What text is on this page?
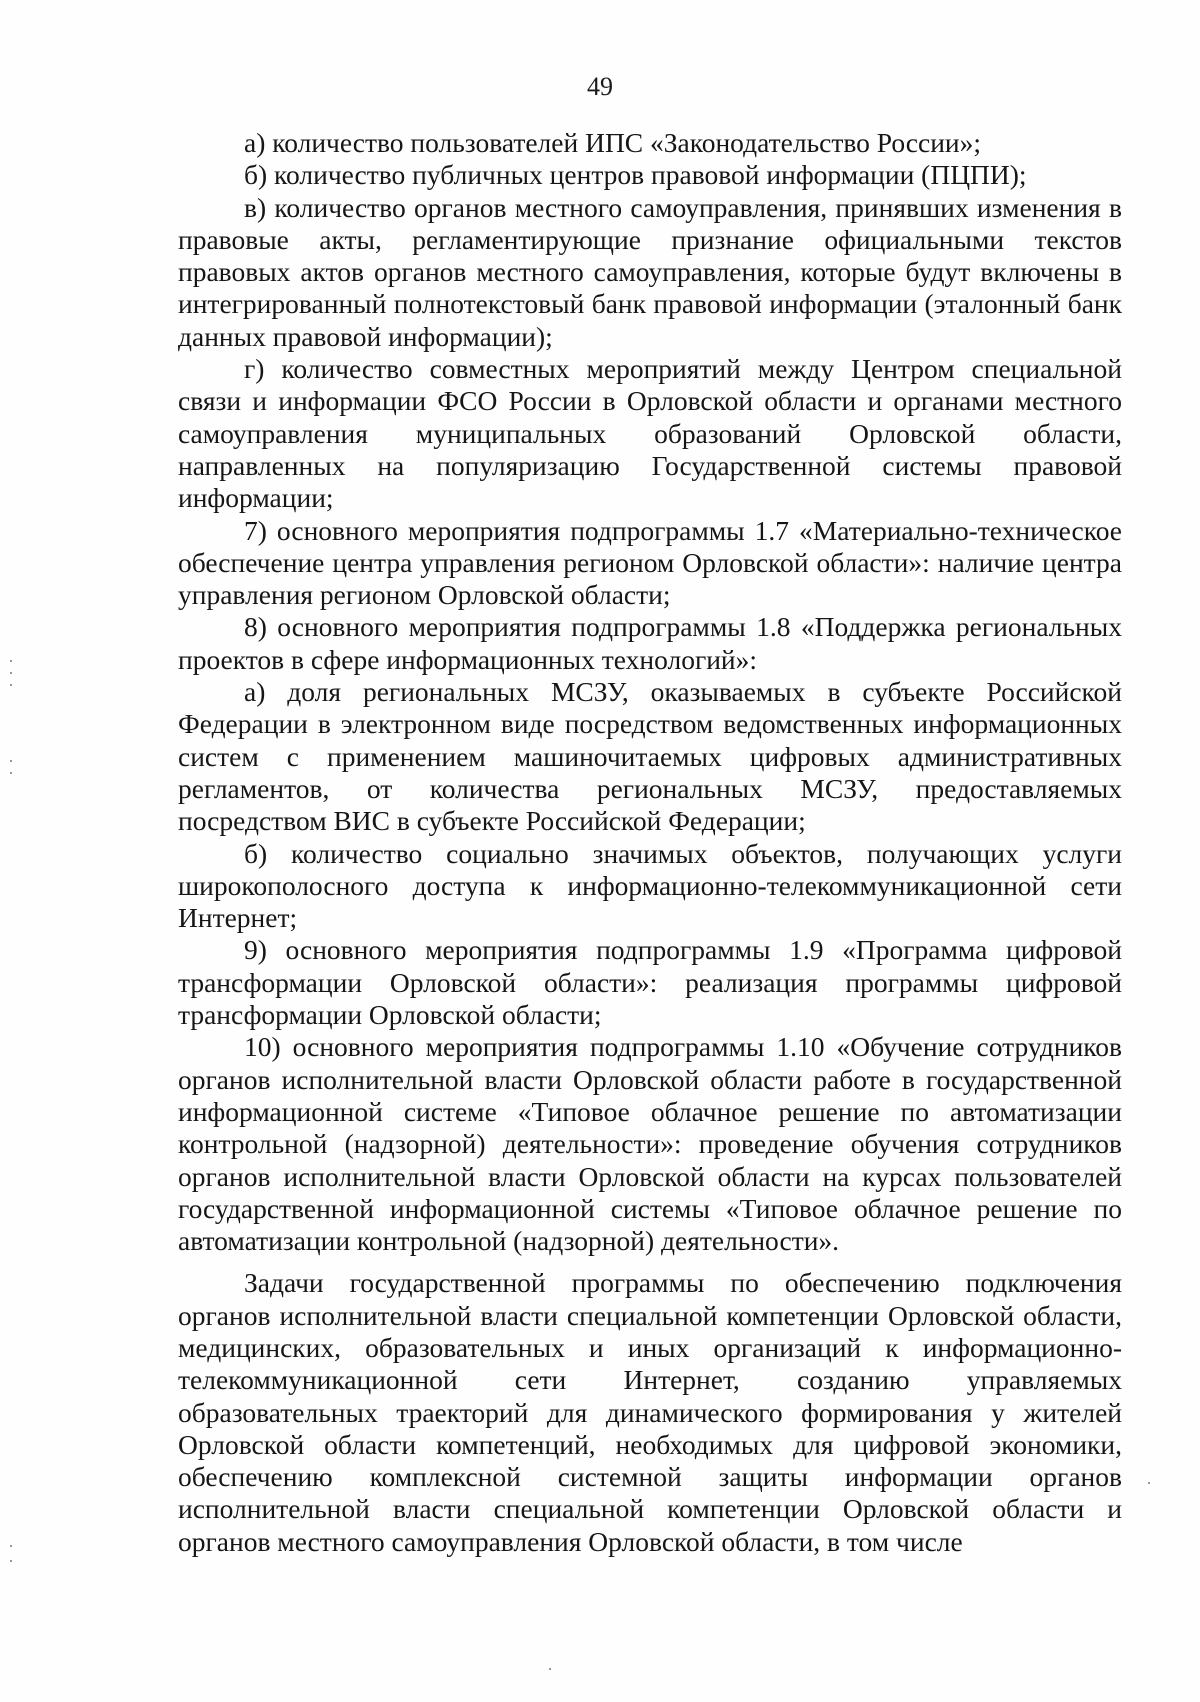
49

а) количество пользователей ИПС «Законодательство России»;

б) количество публичных центров правовой информации (ПЦПИ);

в) количество органов местного самоуправления, принявших изменения в правовые акты, регламентирующие признание официальными текстов правовых актов органов местного самоуправления, которые будут включены в интегрированный полнотекстовый банк правовой информации (эталонный банк данных правовой информации);

г) количество совместных мероприятий между Центром специальной связи и информации ФСО России в Орловской области и органами местного самоуправления муниципальных образований Орловской области, направленных на популяризацию Государственной системы правовой информации;

7) основного мероприятия подпрограммы 1.7 «Материально-техническое обеспечение центра управления регионом Орловской области»: наличие центра управления регионом Орловской области;

8) основного мероприятия подпрограммы 1.8 «Поддержка региональных проектов в сфере информационных технологий»:

а) доля региональных МСЗУ, оказываемых в субъекте Российской Федерации в электронном виде посредством ведомственных информационных систем с применением машиночитаемых цифровых административных регламентов, от количества региональных МСЗУ, предоставляемых посредством ВИС в субъекте Российской Федерации;

б) количество социально значимых объектов, получающих услуги широкополосного доступа к информационно-телекоммуникационной сети Интернет;

9) основного мероприятия подпрограммы 1.9 «Программа цифровой трансформации Орловской области»: реализация программы цифровой трансформации Орловской области;

10) основного мероприятия подпрограммы 1.10 «Обучение сотрудников органов исполнительной власти Орловской области работе в государственной информационной системе «Типовое облачное решение по автоматизации контрольной (надзорной) деятельности»: проведение обучения сотрудников органов исполнительной власти Орловской области на курсах пользователей государственной информационной системы «Типовое облачное решение по автоматизации контрольной (надзорной) деятельности».

Задачи государственной программы по обеспечению подключения органов исполнительной власти специальной компетенции Орловской области, медицинских, образовательных и иных организаций к информационно-телекоммуникационной сети Интернет, созданию управляемых образовательных траекторий для динамического формирования у жителей Орловской области компетенций, необходимых для цифровой экономики, обеспечению комплексной системной защиты информации органов исполнительной власти специальной компетенции Орловской области и органов местного самоуправления Орловской области, в том числе
